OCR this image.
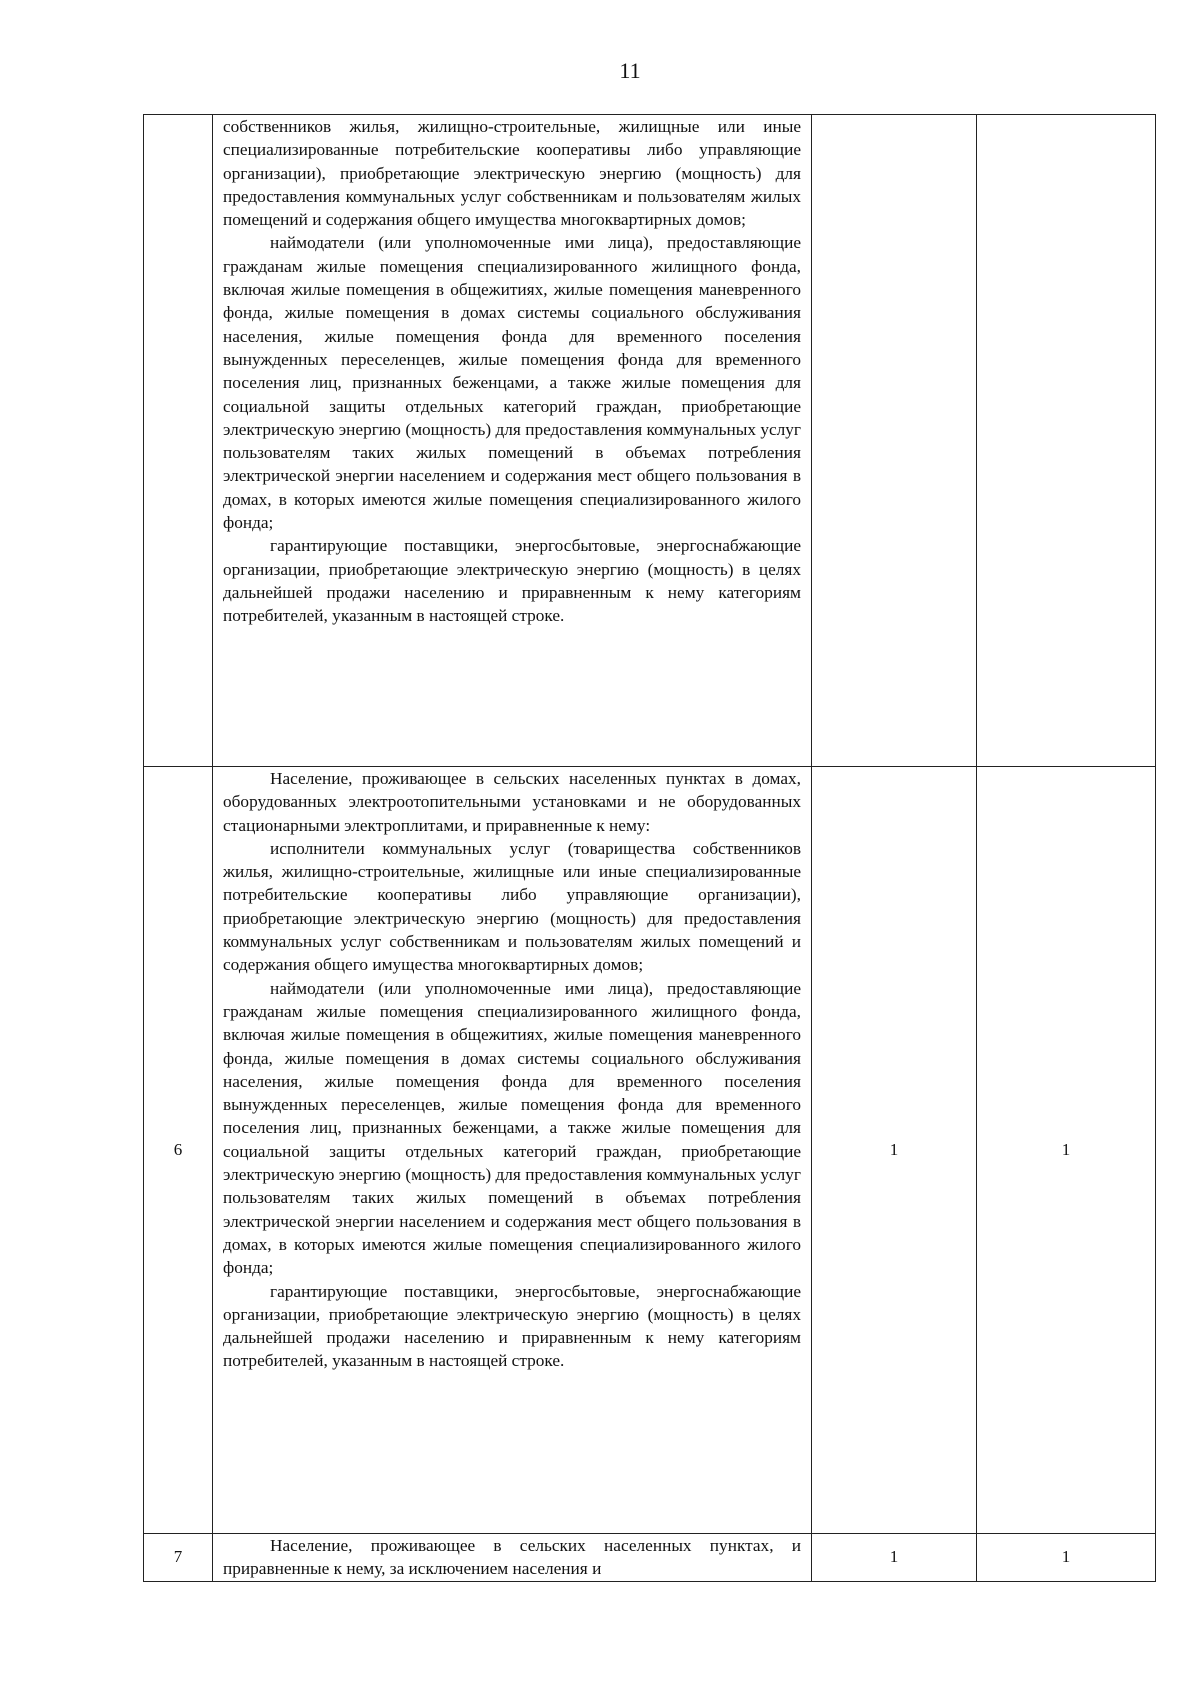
11

	собственников жилья, жилищно-строительные, жилищные или иные специализированные потребительские кооперативы либо управляющие организации), приобретающие электрическую энергию (мощность) для предоставления коммунальных услуг собственникам и пользователям жилых помещений и содержания общего имущества многоквартирных домов;
наймодатели (или уполномоченные ими лица), предоставляющие гражданам жилые помещения специализированного жилищного фонда, включая жилые помещения в общежитиях, жилые помещения маневренного фонда, жилые помещения в домах системы социального обслуживания населения, жилые помещения фонда для временного поселения вынужденных переселенцев, жилые помещения фонда для временного поселения лиц, признанных беженцами, а также жилые помещения для социальной защиты отдельных категорий граждан, приобретающие электрическую энергию (мощность) для предоставления коммунальных услуг пользователям таких жилых помещений в объемах потребления электрической энергии населением и содержания мест общего пользования в домах, в которых имеются жилые помещения специализированного жилого фонда;
гарантирующие поставщики, энергосбытовые, энергоснабжающие организации, приобретающие электрическую энергию (мощность) в целях дальнейшей продажи населению и приравненным к нему категориям потребителей, указанным в настоящей строке.		

6	Население, проживающее в сельских населенных пунктах в домах, оборудованных электроотопительными установками и не оборудованных стационарными электроплитами, и приравненные к нему:
исполнители коммунальных услуг (товарищества собственников жилья, жилищно-строительные, жилищные или иные специализированные потребительские кооперативы либо управляющие организации), приобретающие электрическую энергию (мощность) для предоставления коммунальных услуг собственникам и пользователям жилых помещений и содержания общего имущества многоквартирных домов;
наймодатели (или уполномоченные ими лица), предоставляющие гражданам жилые помещения специализированного жилищного фонда, включая жилые помещения в общежитиях, жилые помещения маневренного фонда, жилые помещения в домах системы социального обслуживания населения, жилые помещения фонда для временного поселения вынужденных переселенцев, жилые помещения фонда для временного поселения лиц, признанных беженцами, а также жилые помещения для социальной защиты отдельных категорий граждан, приобретающие электрическую энергию (мощность) для предоставления коммунальных услуг пользователям таких жилых помещений в объемах потребления электрической энергии населением и содержания мест общего пользования в домах, в которых имеются жилые помещения специализированного жилого фонда;
гарантирующие поставщики, энергосбытовые, энергоснабжающие организации, приобретающие электрическую энергию (мощность) в целях дальнейшей продажи населению и приравненным к нему категориям потребителей, указанным в настоящей строке.	1	1
7	Население, проживающее в сельских населенных пунктах, и приравненные к нему, за исключением населения и	1	1
